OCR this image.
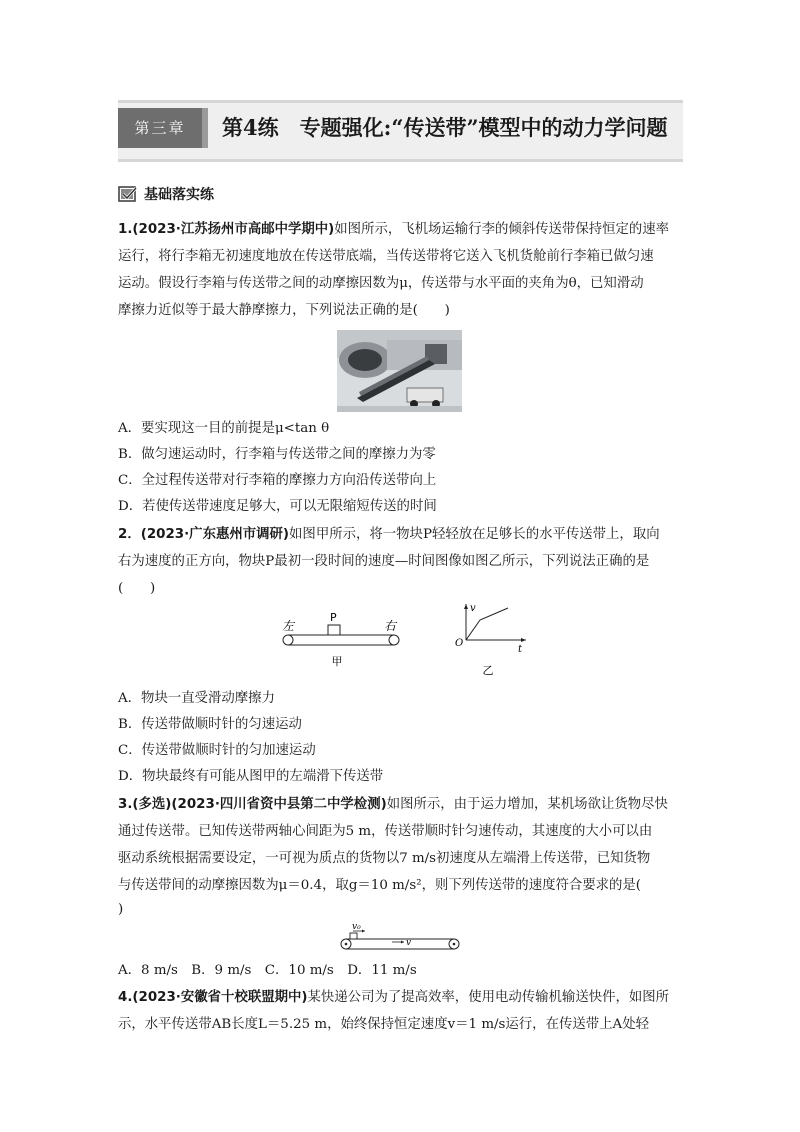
第三章	第4练　专题强化:“传送带”模型中的动力学问题
基础落实练
1.(2023·江苏扬州市高邮中学期中)如图所示，飞机场运输行李的倾斜传送带保持恒定的速率
运行，将行李箱无初速度地放在传送带底端，当传送带将它送入飞机货舱前行李箱已做匀速
运动。假设行李箱与传送带之间的动摩擦因数为μ，传送带与水平面的夹角为θ，已知滑动
摩擦力近似等于最大静摩擦力，下列说法正确的是(　　)
A．要实现这一目的前提是μ<tan θ
B．做匀速运动时，行李箱与传送带之间的摩擦力为零
C．全过程传送带对行李箱的摩擦力方向沿传送带向上
D．若使传送带速度足够大，可以无限缩短传送的时间
2．(2023·广东惠州市调研)如图甲所示，将一物块P轻轻放在足够长的水平传送带上，取向
右为速度的正方向，物块P最初一段时间的速度—时间图像如图乙所示，下列说法正确的是
(　　)
左	右
P
甲
v
t
O
乙
A．物块一直受滑动摩擦力
B．传送带做顺时针的匀速运动
C．传送带做顺时针的匀加速运动
D．物块最终有可能从图甲的左端滑下传送带
3.(多选)(2023·四川省资中县第二中学检测)如图所示，由于运力增加，某机场欲让货物尽快
通过传送带。已知传送带两轴心间距为5 m，传送带顺时针匀速传动，其速度的大小可以由
驱动系统根据需要设定，一可视为质点的货物以7 m/s初速度从左端滑上传送带，已知货物
与传送带间的动摩擦因数为μ＝0.4，取g＝10 m/s²，则下列传送带的速度符合要求的是(
)
v₀
v
A．8 m/s　B．9 m/s　C．10 m/s　D．11 m/s
4.(2023·安徽省十校联盟期中)某快递公司为了提高效率，使用电动传输机输送快件，如图所
示，水平传送带AB长度L＝5.25 m，始终保持恒定速度v＝1 m/s运行，在传送带上A处轻
